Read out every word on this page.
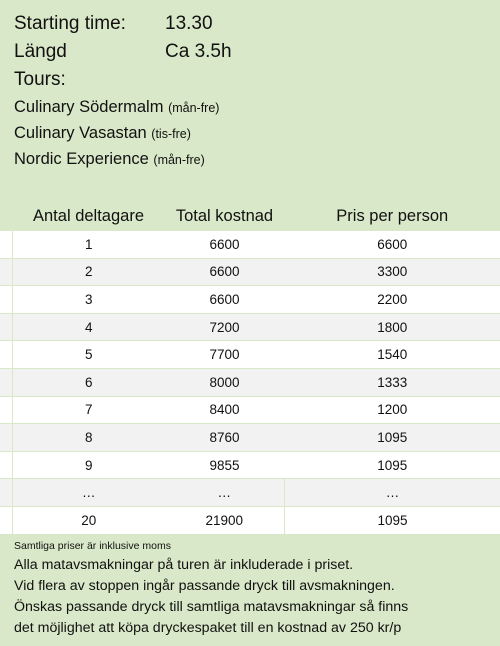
Starting time:	13.30
Längd	Ca 3.5h
Tours:
Culinary Södermalm (mån-fre)
Culinary Vasastan (tis-fre)
Nordic Experience (mån-fre)
	Antal deltagare	Total kostnad	Pris per person
	1	6600	6600
	2	6600	3300
	3	6600	2200
	4	7200	1800
	5	7700	1540
	6	8000	1333
	7	8400	1200
	8	8760	1095
	9	9855	1095
	…	…	…
	20	21900	1095
Samtliga priser är inklusive moms
Alla matavsmakningar på turen är inkluderade i priset.
Vid flera av stoppen ingår passande dryck till avsmakningen.
Önskas passande dryck till samtliga matavsmakningar så finns
det möjlighet att köpa dryckespaket till en kostnad av 250 kr/p
